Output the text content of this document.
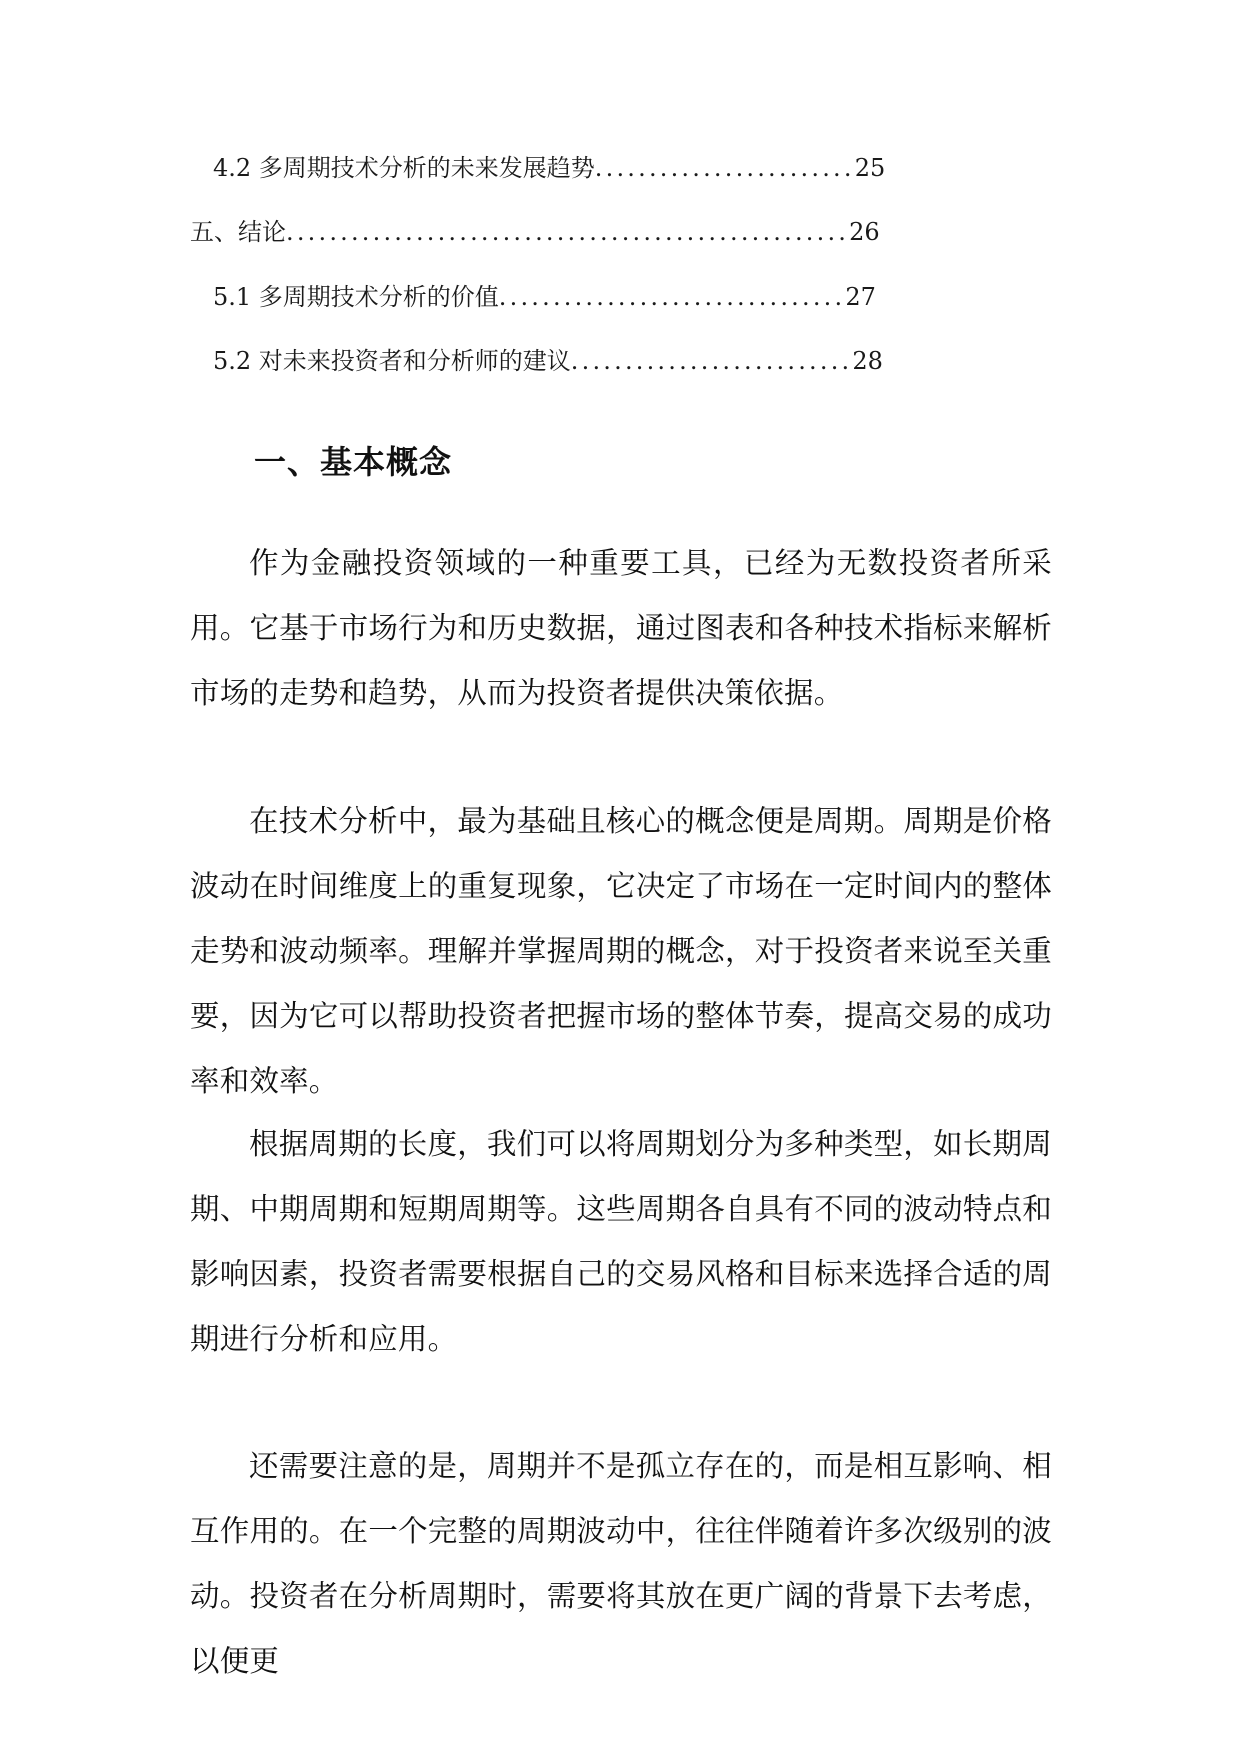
4.2 多周期技术分析的未来发展趋势........................25
五、结论....................................................26
5.1 多周期技术分析的价值................................27
5.2 对未来投资者和分析师的建议..........................28
一、基本概念

作为金融投资领域的一种重要工具，已经为无数投资者所采用。它基于市场行为和历史数据，通过图表和各种技术指标来解析市场的走势和趋势，从而为投资者提供决策依据。

在技术分析中，最为基础且核心的概念便是周期。周期是价格波动在时间维度上的重复现象，它决定了市场在一定时间内的整体走势和波动频率。理解并掌握周期的概念，对于投资者来说至关重要，因为它可以帮助投资者把握市场的整体节奏，提高交易的成功率和效率。

根据周期的长度，我们可以将周期划分为多种类型，如长期周期、中期周期和短期周期等。这些周期各自具有不同的波动特点和影响因素，投资者需要根据自己的交易风格和目标来选择合适的周期进行分析和应用。

还需要注意的是，周期并不是孤立存在的，而是相互影响、相互作用的。在一个完整的周期波动中，往往伴随着许多次级别的波动。投资者在分析周期时，需要将其放在更广阔的背景下去考虑，以便更
